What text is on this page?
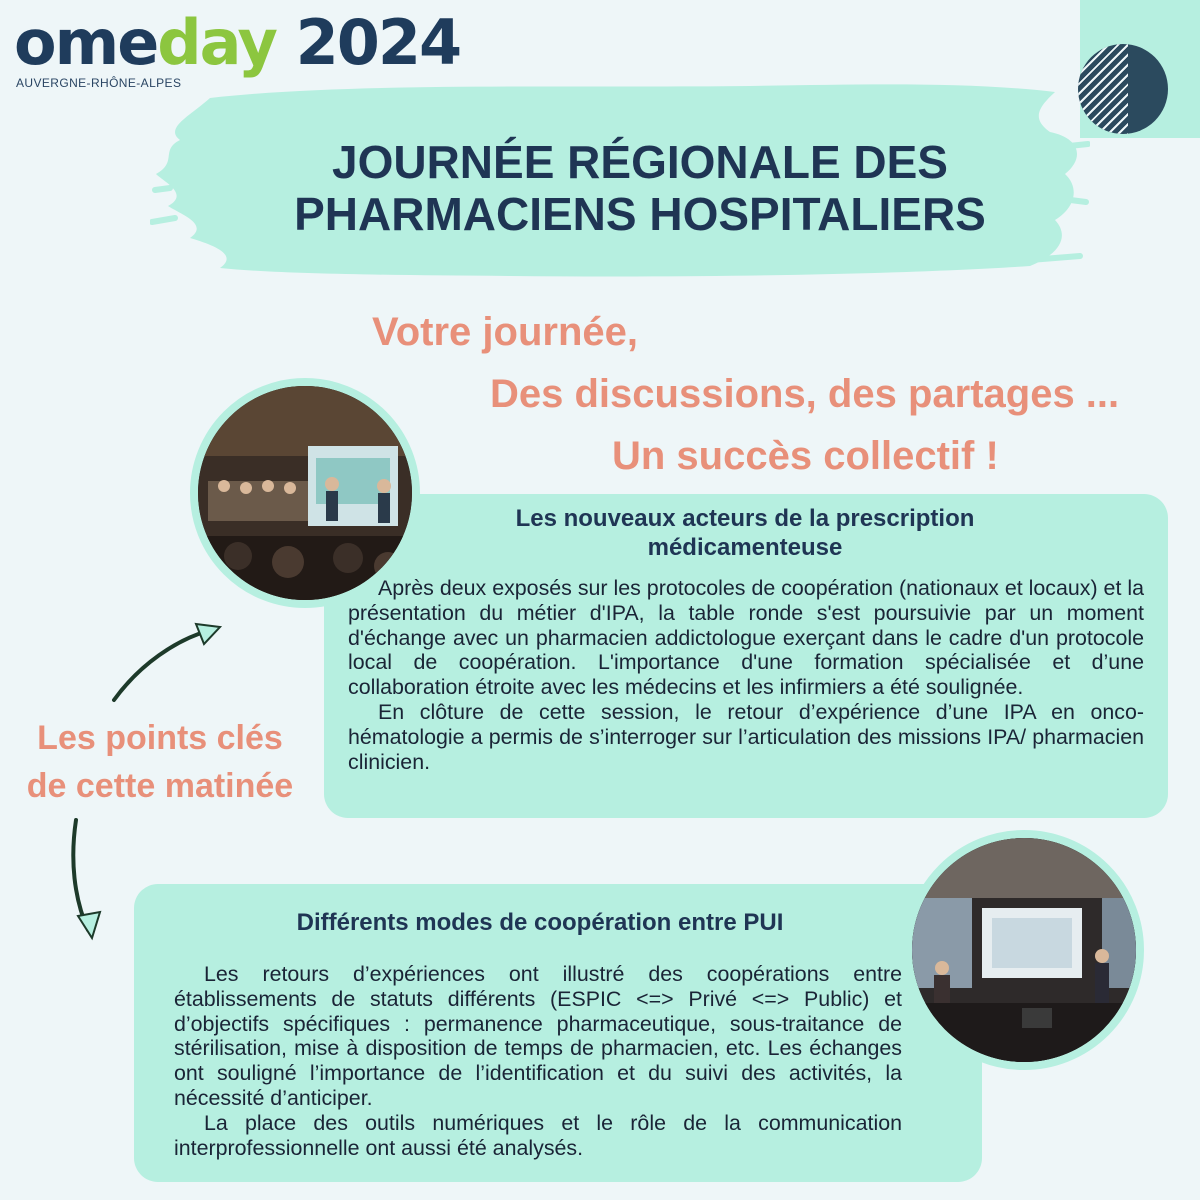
omeday 2024
AUVERGNE-RHÔNE-ALPES
JOURNÉE RÉGIONALE DES
PHARMACIENS HOSPITALIERS
Votre journée,
Des discussions, des partages ...
Un succès collectif !
Les nouveaux acteurs de la prescription médicamenteuse

Après deux exposés sur les protocoles de coopération (nationaux et locaux) et la présentation du métier d'IPA, la table ronde s'est poursuivie par un moment d'échange avec un pharmacien addictologue exerçant dans le cadre d'un protocole local de coopération. L'importance d'une formation spécialisée et d’une collaboration étroite avec les médecins et les infirmiers a été soulignée.

En clôture de cette session, le retour d’expérience d’une IPA en onco-hématologie a permis de s’interroger sur l’articulation des missions IPA/ pharmacien clinicien.

Les points clés
de cette matinée
Différents modes de coopération entre PUI

Les retours d’expériences ont illustré des coopérations entre établissements de statuts différents (ESPIC <=> Privé <=> Public) et d’objectifs spécifiques : permanence pharmaceutique, sous-traitance de stérilisation, mise à disposition de temps de pharmacien, etc. Les échanges ont souligné l’importance de l’identification et du suivi des activités, la nécessité d’anticiper.

La place des outils numériques et le rôle de la communication interprofessionnelle ont aussi été analysés.
